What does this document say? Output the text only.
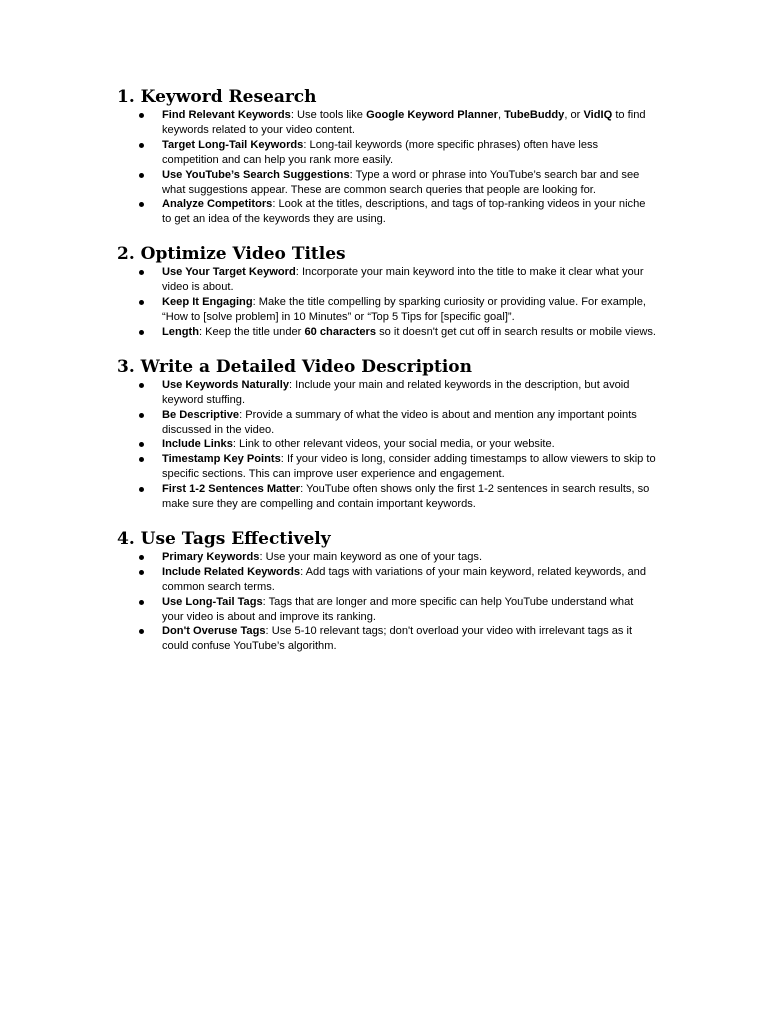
1. Keyword Research
Find Relevant Keywords: Use tools like Google Keyword Planner, TubeBuddy, or VidIQ to find keywords related to your video content.
Target Long-Tail Keywords: Long-tail keywords (more specific phrases) often have less competition and can help you rank more easily.
Use YouTube’s Search Suggestions: Type a word or phrase into YouTube’s search bar and see what suggestions appear. These are common search queries that people are looking for.
Analyze Competitors: Look at the titles, descriptions, and tags of top-ranking videos in your niche to get an idea of the keywords they are using.
2. Optimize Video Titles
Use Your Target Keyword: Incorporate your main keyword into the title to make it clear what your video is about.
Keep It Engaging: Make the title compelling by sparking curiosity or providing value. For example, “How to [solve problem] in 10 Minutes” or “Top 5 Tips for [specific goal]”.
Length: Keep the title under 60 characters so it doesn't get cut off in search results or mobile views.
3. Write a Detailed Video Description
Use Keywords Naturally: Include your main and related keywords in the description, but avoid keyword stuffing.
Be Descriptive: Provide a summary of what the video is about and mention any important points discussed in the video.
Include Links: Link to other relevant videos, your social media, or your website.
Timestamp Key Points: If your video is long, consider adding timestamps to allow viewers to skip to specific sections. This can improve user experience and engagement.
First 1-2 Sentences Matter: YouTube often shows only the first 1-2 sentences in search results, so make sure they are compelling and contain important keywords.
4. Use Tags Effectively
Primary Keywords: Use your main keyword as one of your tags.
Include Related Keywords: Add tags with variations of your main keyword, related keywords, and common search terms.
Use Long-Tail Tags: Tags that are longer and more specific can help YouTube understand what your video is about and improve its ranking.
Don't Overuse Tags: Use 5-10 relevant tags; don't overload your video with irrelevant tags as it could confuse YouTube’s algorithm.
